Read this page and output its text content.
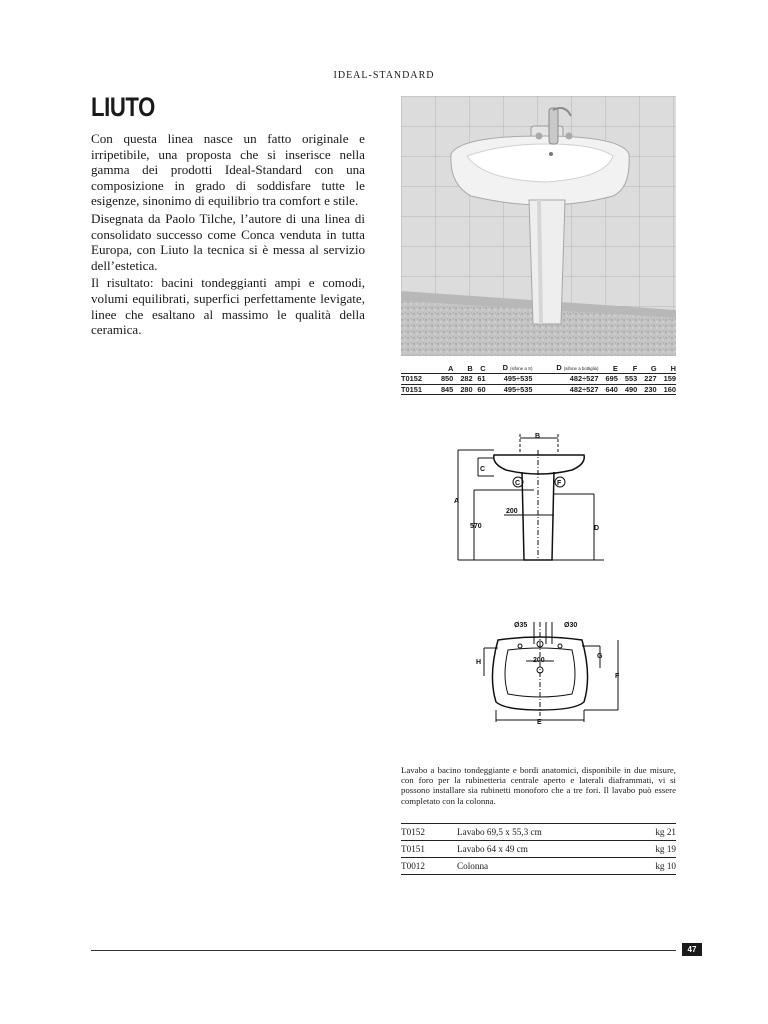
IDEAL-STANDARD
LIUTO

Con questa linea nasce un fatto originale e irripetibile, una proposta che si inserisce nella gamma dei prodotti Ideal-Standard con una composizione in grado di soddisfare tutte le esigenze, sinonimo di equilibrio tra comfort e stile.

Disegnata da Paolo Tilche, l’autore di una linea di consolidato successo come Conca venduta in tutta Europa, con Liuto la tecnica si è messa al servizio dell’estetica.

Il risultato: bacini tondeggianti ampi e comodi, volumi equilibrati, superfici perfettamente levigate, linee che esaltano al massimo le qualità della ceramica.

	A	B	C	D (sifone a S)	D (sifone a bottiglia)	E	F	G	H
T0152	850	282	61	495÷535	482÷527	695	553	227	159
T0151	845	280	60	495÷535	482÷527	640	490	230	160
B
C
A
D
C	F
200
570
Ø35	Ø30
200
H
G
F
E

Lavabo a bacino tondeggiante e bordi anatomici, disponibile in due misure, con foro per la rubinetteria centrale aperto e laterali diaframmati, vi si possono installare sia rubinetti monoforo che a tre fori. Il lavabo può essere completato con la colonna.

T0152	Lavabo 69,5 x 55,3 cm	kg 21
T0151	Lavabo 64 x 49 cm	kg 19
T0012	Colonna	kg 10
47
